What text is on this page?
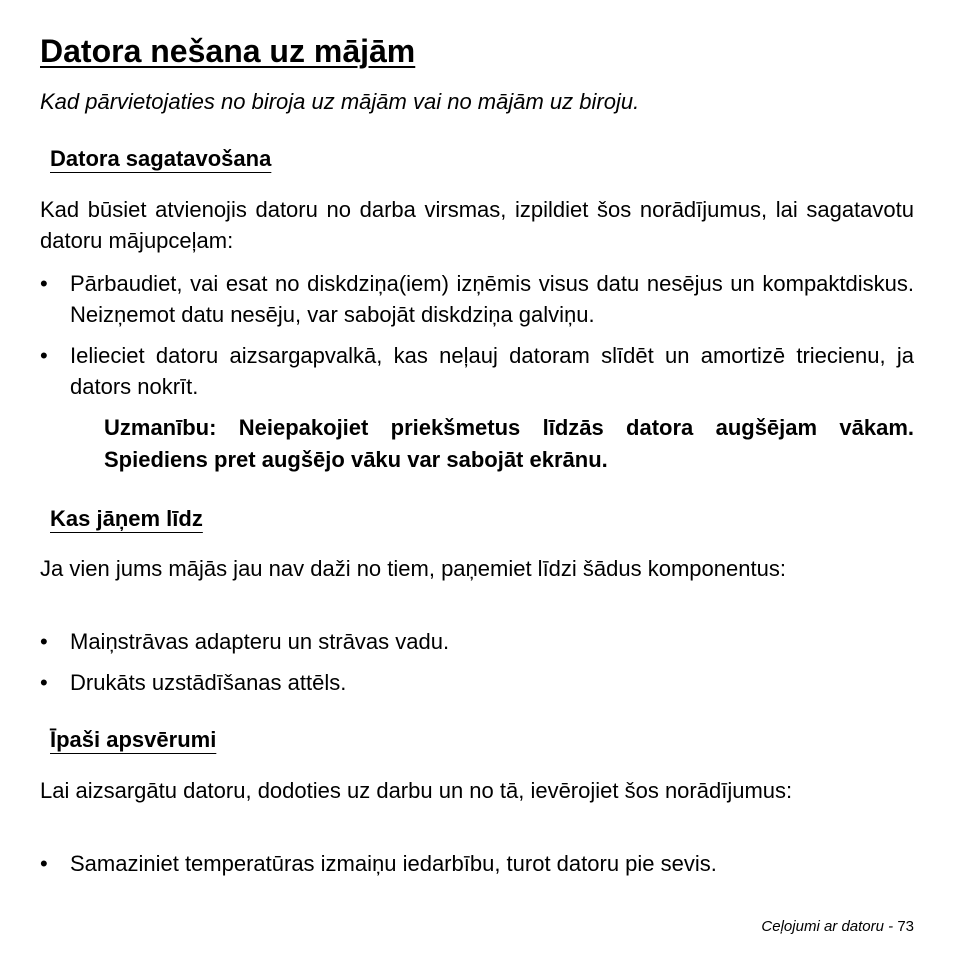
Datora nešana uz mājām

Kad pārvietojaties no biroja uz mājām vai no mājām uz biroju.

Datora sagatavošana

Kad būsiet atvienojis datoru no darba virsmas, izpildiet šos norādījumus, lai sagatavotu datoru mājupceļam:

•	Pārbaudiet, vai esat no diskdziņa(iem) izņēmis visus datu nesējus un kompaktdiskus. Neizņemot datu nesēju, var sabojāt diskdziņa galviņu.
•	Ielieciet datoru aizsargapvalkā, kas neļauj datoram slīdēt un amortizē triecienu, ja dators nokrīt.

Uzmanību: Neiepakojiet priekšmetus līdzās datora augšējam vākam. Spiediens pret augšējo vāku var sabojāt ekrānu.

Kas jāņem līdz

Ja vien jums mājās jau nav daži no tiem, paņemiet līdzi šādus komponentus:

•	Maiņstrāvas adapteru un strāvas vadu.
•	Drukāts uzstādīšanas attēls.
Īpaši apsvērumi

Lai aizsargātu datoru, dodoties uz darbu un no tā, ievērojiet šos norādījumus:

•	Samaziniet temperatūras izmaiņu iedarbību, turot datoru pie sevis.
Ceļojumi ar datoru - 73
